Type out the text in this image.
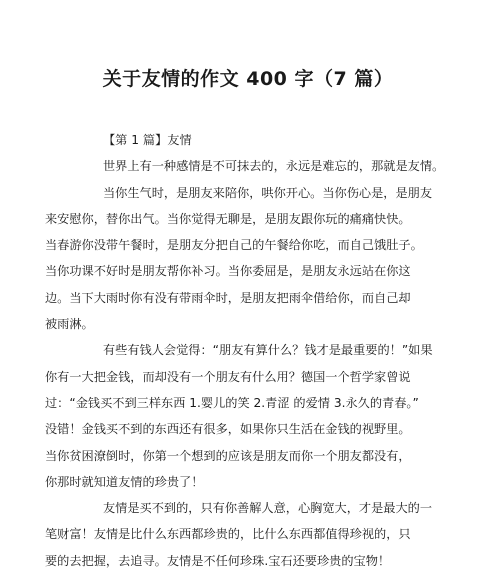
关于友情的作文 400 字（7 篇）
【第 1 篇】友情

世界上有一种感情是不可抹去的，永远是难忘的，那就是友情。

当你生气时，是朋友来陪你，哄你开心。当你伤心是，是朋友
来安慰你，替你出气。当你觉得无聊是，是朋友跟你玩的痛痛快快。
当春游你没带午餐时，是朋友分把自己的午餐给你吃，而自己饿肚子。
当你功课不好时是朋友帮你补习。当你委屈是，是朋友永远站在你这
边。当下大雨时你有没有带雨伞时，是朋友把雨伞借给你，而自己却
被雨淋。

有些有钱人会觉得：“朋友有算什么？钱才是最重要的！”如果
你有一大把金钱，而却没有一个朋友有什么用？德国一个哲学家曾说
过：“金钱买不到三样东西 1.婴儿的笑 2.青涩 的爱情 3.永久的青春。”
没错！金钱买不到的东西还有很多，如果你只生活在金钱的视野里。
当你贫困潦倒时，你第一个想到的应该是朋友而你一个朋友都没有，
你那时就知道友情的珍贵了！

友情是买不到的，只有你善解人意，心胸宽大，才是最大的一
笔财富！友情是比什么东西都珍贵的，比什么东西都值得珍视的，只
要的去把握，去追寻。友情是不任何珍珠.宝石还要珍贵的宝物！
